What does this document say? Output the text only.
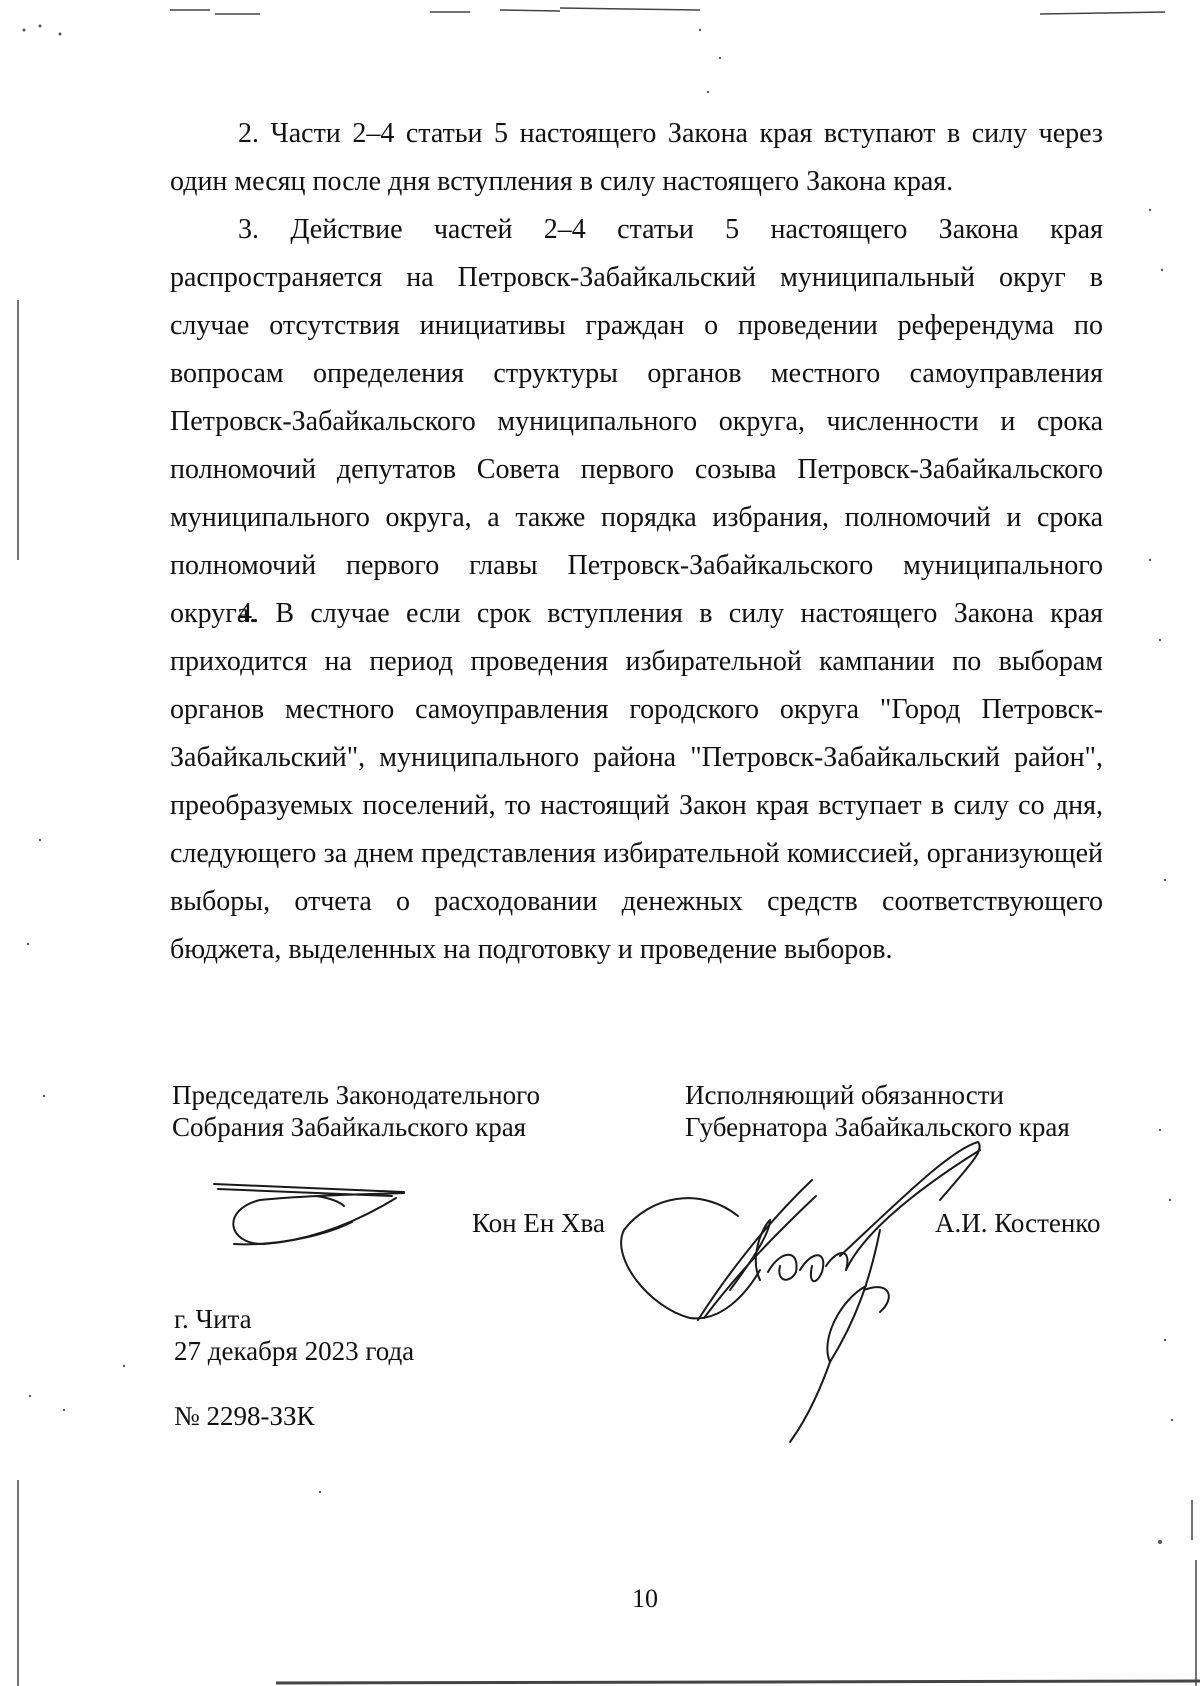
2. Части 2–4 статьи 5 настоящего Закона края вступают в силу через один месяц после дня вступления в силу настоящего Закона края.

3. Действие частей 2–4 статьи 5 настоящего Закона края распространяется на Петровск-Забайкальский муниципальный округ в случае отсутствия инициативы граждан о проведении референдума по вопросам определения структуры органов местного самоуправления Петровск-Забайкальского муниципального округа, численности и срока полномочий депутатов Совета первого созыва Петровск-Забайкальского муниципального округа, а также порядка избрания, полномочий и срока полномочий первого главы Петровск-Забайкальского муниципального округа.

4. В случае если срок вступления в силу настоящего Закона края приходится на период проведения избирательной кампании по выборам органов местного самоуправления городского округа "Город Петровск-Забайкальский", муниципального района "Петровск-Забайкальский район", преобразуемых поселений, то настоящий Закон края вступает в силу со дня, следующего за днем представления избирательной комиссией, организующей выборы, отчета о расходовании денежных средств соответствующего бюджета, выделенных на подготовку и проведение выборов.

Председатель Законодательного
Собрания Забайкальского края
Кон Ен Хва
Исполняющий обязанности
Губернатора Забайкальского края
А.И. Костенко
г. Чита
27 декабря 2023 года
№ 2298-ЗЗК
10
